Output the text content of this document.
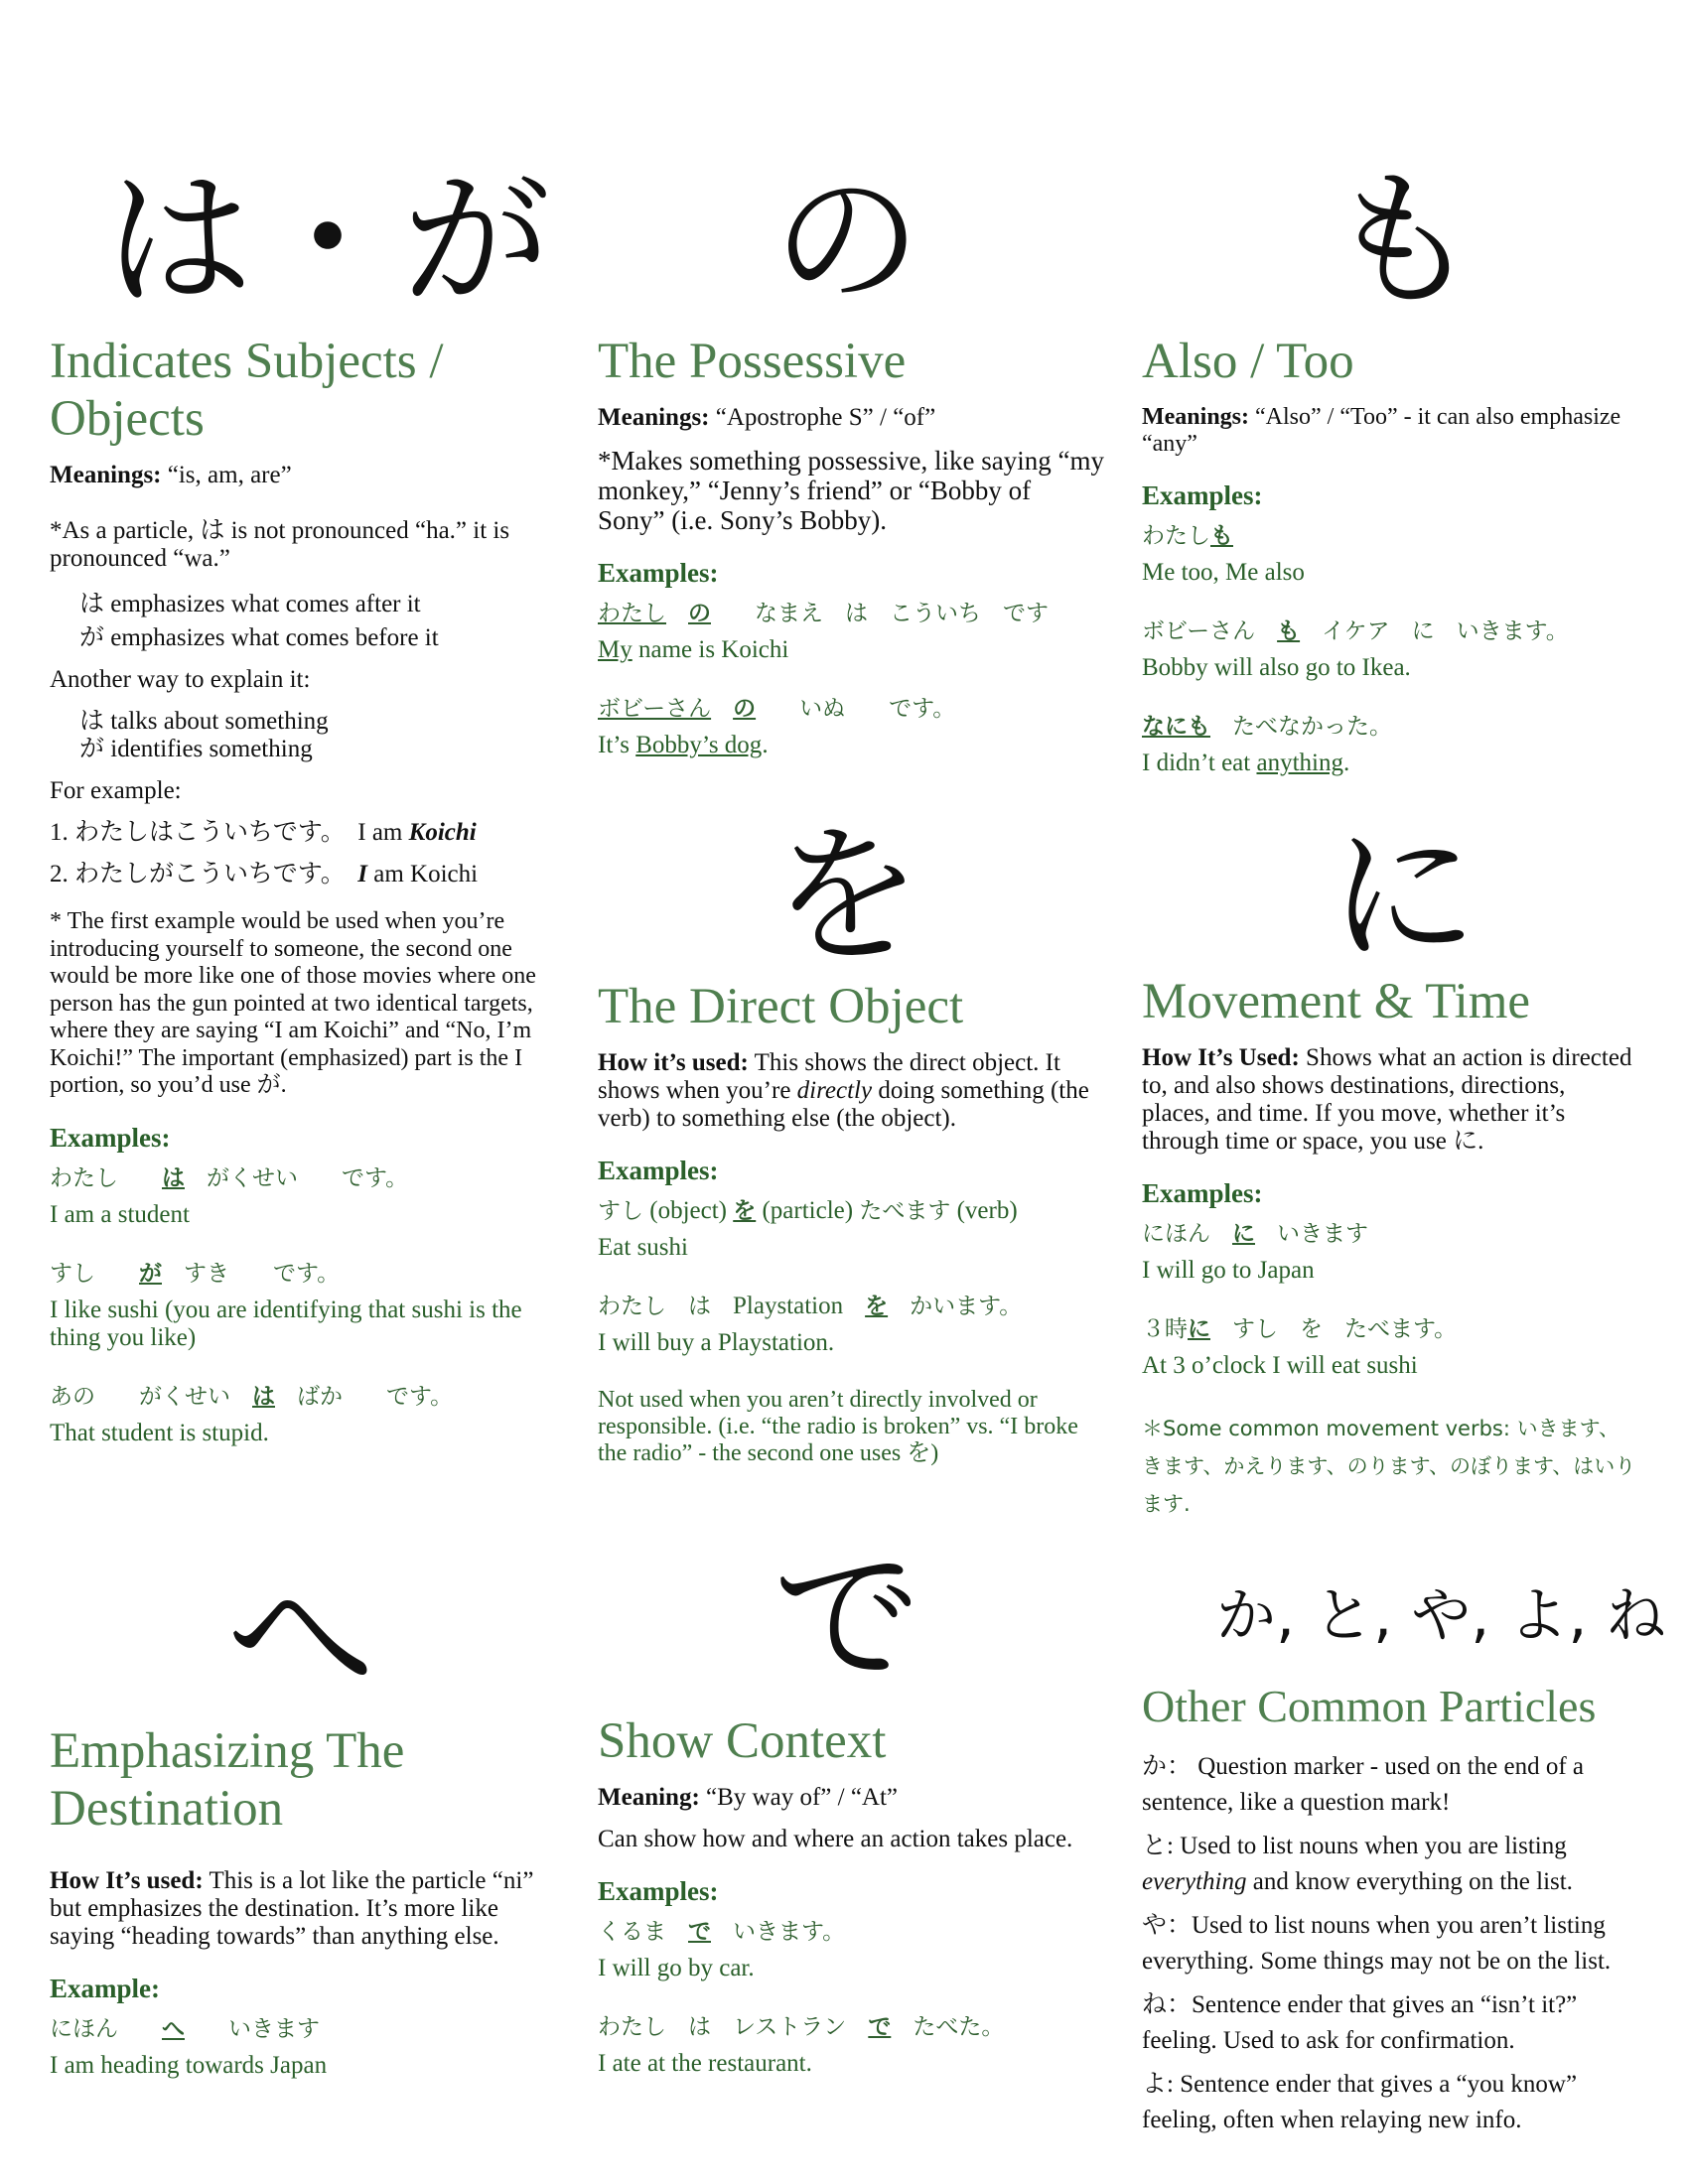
は・が
Indicates Subjects / Objects

Meanings: “is, am, are”

*As a particle, は is not pronounced “ha.” it is pronounced “wa.”

は emphasizes what comes after it

が emphasizes what comes before it

Another way to explain it:

は talks about something

が identifies something

For example:

1. わたしはこういちです。 I am Koichi

2. わたしがこういちです。 I am Koichi

* The first example would be used when you’re introducing yourself to someone, the second one would be more like one of those movies where one person has the gun pointed at two identical targets, where they are saying “I am Koichi” and “No, I’m Koichi!” The important (emphasized) part is the I portion, so you’d use が.

Examples:

わたし は がくせい です。

I am a student

すし が すき です。

I like sushi (you are identifying that sushi is the thing you like)

あの がくせい は ばか です。

That student is stupid.

へ
Emphasizing The Destination

How It’s used: This is a lot like the particle “ni” but emphasizes the destination. It’s more like saying “heading towards” than anything else.

Example:

にほん へ いきます

I am heading towards Japan

の
The Possessive

Meanings: “Apostrophe S” / “of”

*Makes something possessive, like saying “my monkey,” “Jenny’s friend” or “Bobby of Sony” (i.e. Sony’s Bobby).

Examples:

わたし の なまえ は こういち です

My name is Koichi

ボビーさん の いぬ です。

It’s Bobby’s dog.

を
The Direct Object

How it’s used: This shows the direct object. It shows when you’re directly doing something (the verb) to something else (the object).

Examples:

すし (object) を (particle) たべます (verb)

Eat sushi

わたし は Playstation を かいます。

I will buy a Playstation.

Not used when you aren’t directly involved or responsible. (i.e. “the radio is broken” vs. “I broke the radio” - the second one uses を)

で
Show Context

Meaning: “By way of” / “At”

Can show how and where an action takes place.

Examples:

くるま で いきます。

I will go by car.

わたし は レストラン で たべた。

I ate at the restaurant.

も
Also / Too

Meanings: “Also” / “Too” - it can also emphasize “any”

Examples:

わたしも

Me too, Me also

ボビーさん も イケア に いきます。

Bobby will also go to Ikea.

なにも たべなかった。

I didn’t eat anything.

に
Movement & Time

How It’s Used: Shows what an action is directed to, and also shows destinations, directions, places, and time. If you move, whether it’s through time or space, you use に.

Examples:

にほん に いきます

I will go to Japan

３時に すし を たべます。

At 3 o’clock I will eat sushi

＊Some common movement verbs: いきます、きます、かえります、のります、のぼります、はいります.

か, と, や, よ, ね
Other Common Particles

か： Question marker - used on the end of a sentence, like a question mark!

と: Used to list nouns when you are listing everything and know everything on the list.

や：Used to list nouns when you aren’t listing everything. Some things may not be on the list.

ね：Sentence ender that gives an “isn’t it?” feeling. Used to ask for confirmation.

よ: Sentence ender that gives a “you know” feeling, often when relaying new info.
